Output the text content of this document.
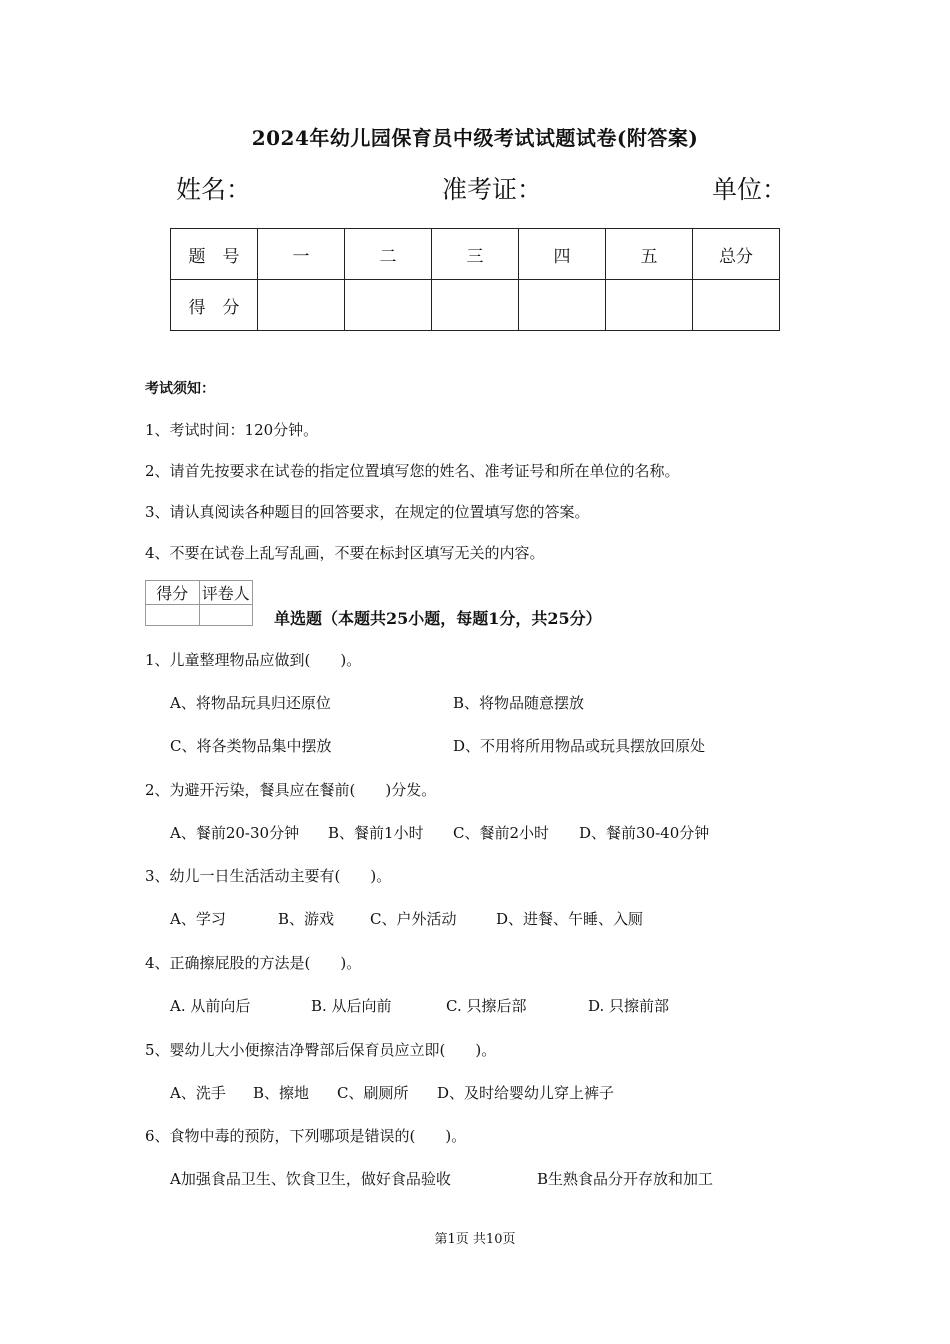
2024年幼儿园保育员中级考试试题试卷(附答案)
姓名：	准考证：	单位：
题　号	一	二	三	四	五	总分
得　分						
考试须知：
1、考试时间：120分钟。
2、请首先按要求在试卷的指定位置填写您的姓名、准考证号和所在单位的名称。
3、请认真阅读各种题目的回答要求，在规定的位置填写您的答案。
4、不要在试卷上乱写乱画，不要在标封区填写无关的内容。
得分	评卷人

单选题（本题共25小题，每题1分，共25分）
1、儿童整理物品应做到(　　)。
A、将物品玩具归还原位	B、将物品随意摆放
C、将各类物品集中摆放	D、不用将所用物品或玩具摆放回原处
2、为避开污染，餐具应在餐前(　　)分发。
A、餐前20-30分钟 B、餐前1小时 C、餐前2小时 D、餐前30-40分钟
3、幼儿一日生活活动主要有(　　)。
A、学习	B、游戏 C、户外活动	D、进餐、午睡、入厕
4、正确擦屁股的方法是(　　)。
A. 从前向后	B. 从后向前	C. 只擦后部	D. 只擦前部
5、婴幼儿大小便擦洁净臀部后保育员应立即(　　)。
A、洗手 B、擦地 C、刷厕所 D、及时给婴幼儿穿上裤子
6、食物中毒的预防，下列哪项是错误的(　　)。
A加强食品卫生、饮食卫生，做好食品验收	B生熟食品分开存放和加工
第1页 共10页
